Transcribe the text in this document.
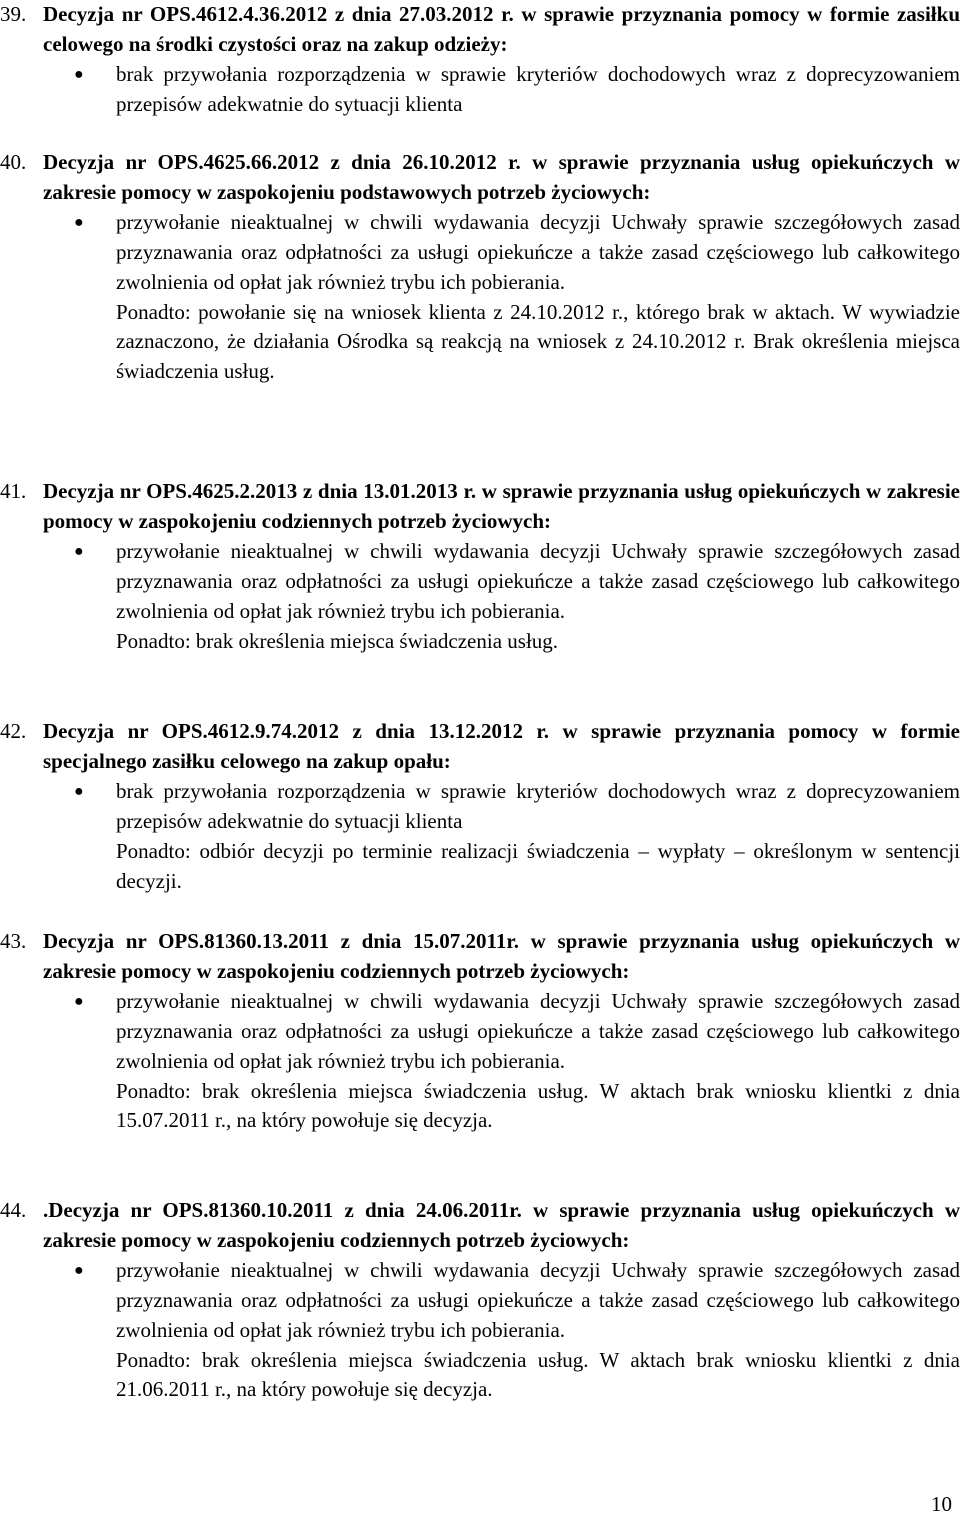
39. Decyzja nr OPS.4612.4.36.2012 z dnia 27.03.2012 r. w sprawie przyznania pomocy w formie zasiłku celowego na środki czystości oraz na zakup odzieży:
● brak przywołania rozporządzenia w sprawie kryteriów dochodowych wraz z doprecyzowaniem przepisów adekwatnie do sytuacji klienta
40. Decyzja nr OPS.4625.66.2012 z dnia 26.10.2012 r. w sprawie przyznania usług opiekuńczych w zakresie pomocy w zaspokojeniu podstawowych potrzeb życiowych:
● przywołanie nieaktualnej w chwili wydawania decyzji Uchwały sprawie szczegółowych zasad przyznawania oraz odpłatności za usługi opiekuńcze a także zasad częściowego lub całkowitego zwolnienia od opłat jak również trybu ich pobierania.
Ponadto: powołanie się na wniosek klienta z 24.10.2012 r., którego brak w aktach. W wywiadzie zaznaczono, że działania Ośrodka są reakcją na wniosek z 24.10.2012 r. Brak określenia miejsca świadczenia usług.
41. Decyzja nr OPS.4625.2.2013 z dnia 13.01.2013 r. w sprawie przyznania usług opiekuńczych w zakresie pomocy w zaspokojeniu codziennych potrzeb życiowych:
● przywołanie nieaktualnej w chwili wydawania decyzji Uchwały sprawie szczegółowych zasad przyznawania oraz odpłatności za usługi opiekuńcze a także zasad częściowego lub całkowitego zwolnienia od opłat jak również trybu ich pobierania.
Ponadto: brak określenia miejsca świadczenia usług.
42. Decyzja nr OPS.4612.9.74.2012 z dnia 13.12.2012 r. w sprawie przyznania pomocy w formie specjalnego zasiłku celowego na zakup opału:
● brak przywołania rozporządzenia w sprawie kryteriów dochodowych wraz z doprecyzowaniem przepisów adekwatnie do sytuacji klienta
Ponadto: odbiór decyzji po terminie realizacji świadczenia – wypłaty – określonym w sentencji decyzji.
43. Decyzja nr OPS.81360.13.2011 z dnia 15.07.2011r. w sprawie przyznania usług opiekuńczych w zakresie pomocy w zaspokojeniu codziennych potrzeb życiowych:
● przywołanie nieaktualnej w chwili wydawania decyzji Uchwały sprawie szczegółowych zasad przyznawania oraz odpłatności za usługi opiekuńcze a także zasad częściowego lub całkowitego zwolnienia od opłat jak również trybu ich pobierania.
Ponadto: brak określenia miejsca świadczenia usług. W aktach brak wniosku klientki z dnia 15.07.2011 r., na który powołuje się decyzja.
44. .Decyzja nr OPS.81360.10.2011 z dnia 24.06.2011r. w sprawie przyznania usług opiekuńczych w zakresie pomocy w zaspokojeniu codziennych potrzeb życiowych:
● przywołanie nieaktualnej w chwili wydawania decyzji Uchwały sprawie szczegółowych zasad przyznawania oraz odpłatności za usługi opiekuńcze a także zasad częściowego lub całkowitego zwolnienia od opłat jak również trybu ich pobierania.
Ponadto: brak określenia miejsca świadczenia usług. W aktach brak wniosku klientki z dnia 21.06.2011 r., na który powołuje się decyzja.
10
